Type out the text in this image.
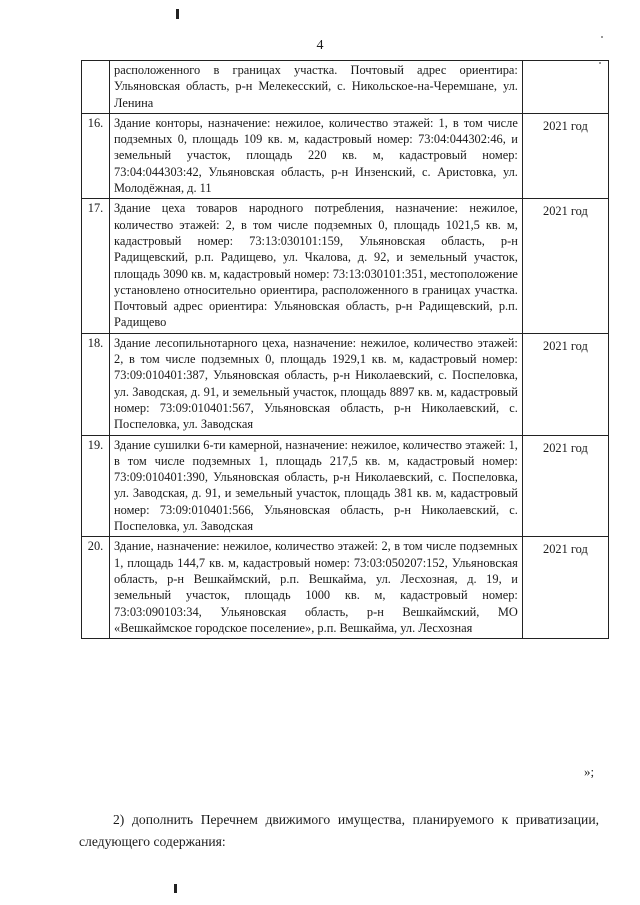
4
	расположенного в границах участка. Почтовый адрес ориентира: Ульяновская область, р-н Мелекесский, с. Никольское-на-Черемшане, ул. Ленина	
16.	Здание конторы, назначение: нежилое, количество этажей: 1, в том числе подземных 0, площадь 109 кв. м, кадастровый номер: 73:04:044302:46, и земельный участок, площадь 220 кв. м, кадастровый номер: 73:04:044303:42, Ульяновская область, р-н Инзенский, с. Аристовка, ул. Молодёжная, д. 11	2021 год
17.	Здание цеха товаров народного потребления, назначение: нежилое, количество этажей: 2, в том числе подземных 0, площадь 1021,5 кв. м, кадастровый номер: 73:13:030101:159, Ульяновская область, р-н Радищевский, р.п. Радищево, ул. Чкалова, д. 92, и земельный участок, площадь 3090 кв. м, кадастровый номер: 73:13:030101:351, местоположение установлено относительно ориентира, расположенного в границах участка. Почтовый адрес ориентира: Ульяновская область, р-н Радищевский, р.п. Радищево	2021 год
18.	Здание лесопильнотарного цеха, назначение: нежилое, количество этажей: 2, в том числе подземных 0, площадь 1929,1 кв. м, кадастровый номер: 73:09:010401:387, Ульяновская область, р-н Николаевский, с. Поспеловка, ул. Заводская, д. 91, и земельный участок, площадь 8897 кв. м, кадастровый номер: 73:09:010401:567, Ульяновская область, р-н Николаевский, с. Поспеловка, ул. Заводская	2021 год
19.	Здание сушилки 6-ти камерной, назначение: нежилое, количество этажей: 1, в том числе подземных 1, площадь 217,5 кв. м, кадастровый номер: 73:09:010401:390, Ульяновская область, р-н Николаевский, с. Поспеловка, ул. Заводская, д. 91, и земельный участок, площадь 381 кв. м, кадастровый номер: 73:09:010401:566, Ульяновская область, р-н Николаевский, с. Поспеловка, ул. Заводская	2021 год
20.	Здание, назначение: нежилое, количество этажей: 2, в том числе подземных 1, площадь 144,7 кв. м, кадастровый номер: 73:03:050207:152, Ульяновская область, р-н Вешкаймский, р.п. Вешкайма, ул. Лесхозная, д. 19, и земельный участок, площадь 1000 кв. м, кадастровый номер: 73:03:090103:34, Ульяновская область, р-н Вешкаймский, МО «Вешкаймское городское поселение», р.п. Вешкайма, ул. Лесхозная	2021 год
»;
2) дополнить Перечнем движимого имущества, планируемого к приватизации, следующего содержания:
